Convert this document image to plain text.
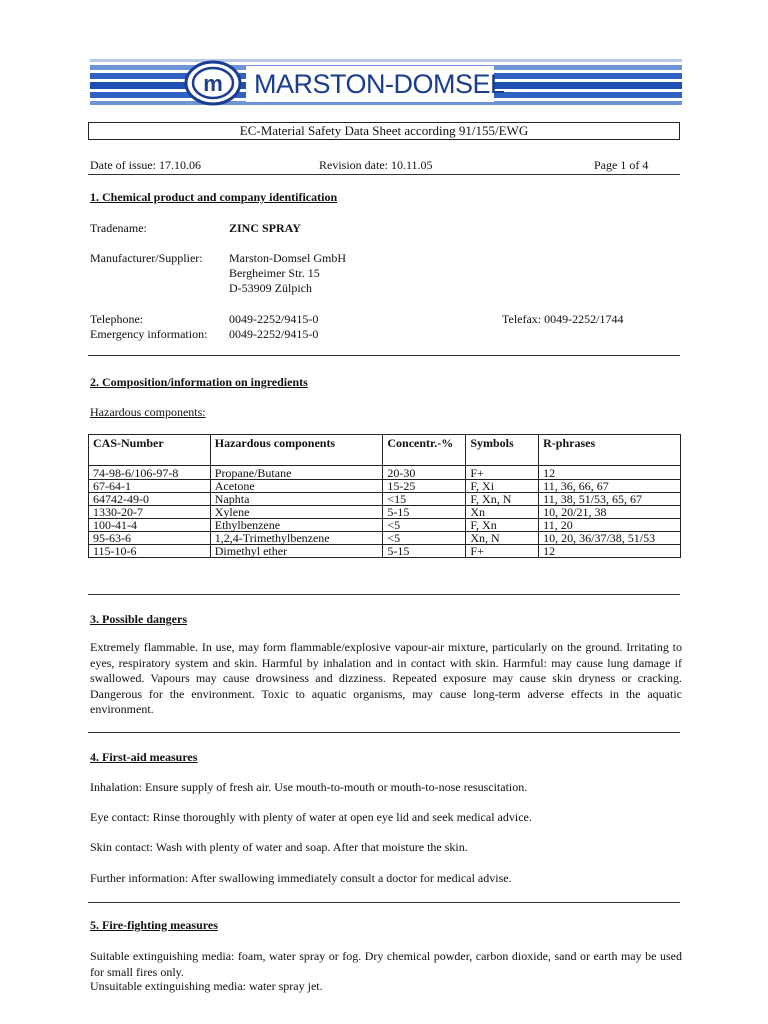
m MARSTON-DOMSEL
EC-Material Safety Data Sheet according 91/155/EWG
Date of issue: 17.10.06	Revision date: 10.11.05	Page 1 of 4
1. Chemical product and company identification
Tradename:	ZINC SPRAY
Manufacturer/Supplier: Marston-Domsel GmbH
Bergheimer Str. 15
D-53909 Zülpich
Telephone:	0049-2252/9415-0	Telefax: 0049-2252/1744
Emergency information: 0049-2252/9415-0
2. Composition/information on ingredients
Hazardous components:
CAS-Number	Hazardous components	Concentr.-%	Symbols	R-phrases
74-98-6/106-97-8	Propane/Butane	20-30	F+	12
67-64-1	Acetone	15-25	F, Xi	11, 36, 66, 67
64742-49-0	Naphta	<15	F, Xn, N	11, 38, 51/53, 65, 67
1330-20-7	Xylene	5-15	Xn	10, 20/21, 38
100-41-4	Ethylbenzene	<5	F, Xn	11, 20
95-63-6	1,2,4-Trimethylbenzene	<5	Xn, N	10, 20, 36/37/38, 51/53
115-10-6	Dimethyl ether	5-15	F+	12
3. Possible dangers
Extremely flammable. In use, may form flammable/explosive vapour-air mixture, particularly on the ground. Irritating to eyes, respiratory system and skin. Harmful by inhalation and in contact with skin. Harmful: may cause lung damage if swallowed. Vapours may cause drowsiness and dizziness. Repeated exposure may cause skin dryness or cracking. Dangerous for the environment. Toxic to aquatic organisms, may cause long-term adverse effects in the aquatic environment.
4. First-aid measures
Inhalation: Ensure supply of fresh air. Use mouth-to-mouth or mouth-to-nose resuscitation.
Eye contact: Rinse thoroughly with plenty of water at open eye lid and seek medical advice.
Skin contact: Wash with plenty of water and soap. After that moisture the skin.
Further information: After swallowing immediately consult a doctor for medical advise.
5. Fire-fighting measures
Suitable extinguishing media: foam, water spray or fog. Dry chemical powder, carbon dioxide, sand or earth may be used for small fires only.
Unsuitable extinguishing media: water spray jet.
